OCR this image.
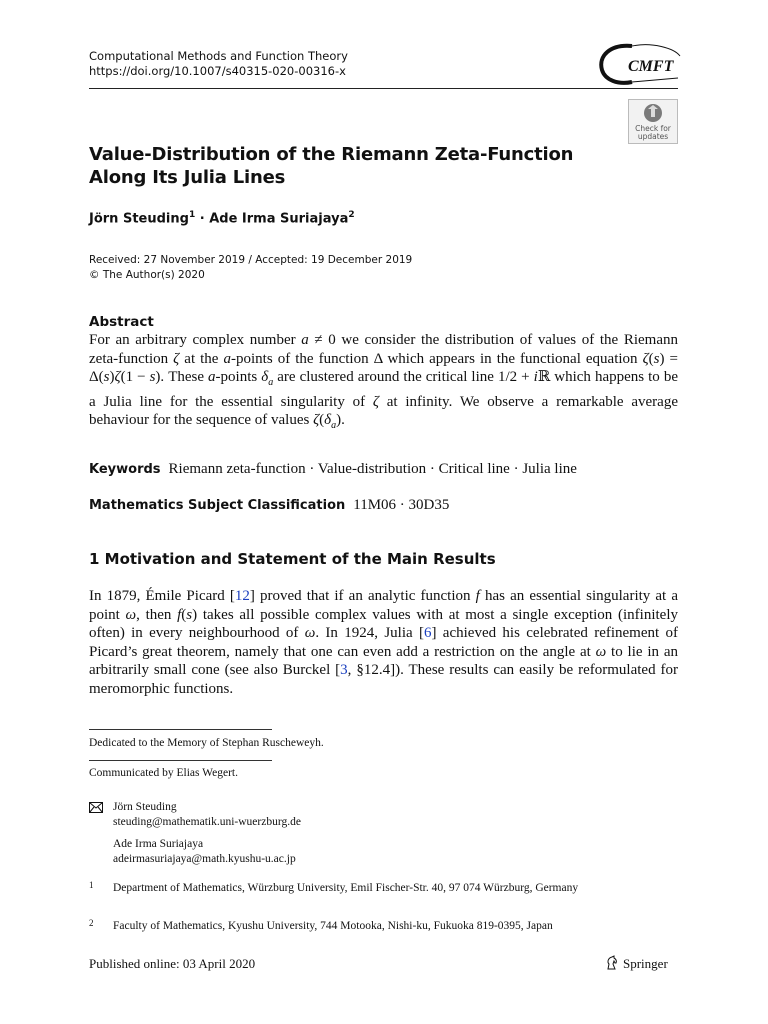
Computational Methods and Function Theory
https://doi.org/10.1007/s40315-020-00316-x	CMFT
Check for
updates
Value-Distribution of the Riemann Zeta-Function Along Its Julia Lines
Jörn Steuding$^1$ · Ade Irma Suriajaya$^2$
Received: 27 November 2019 / Accepted: 19 December 2019
© The Author(s) 2020
Abstract
For an arbitrary complex number a ≠ 0 we consider the distribution of values of the Riemann zeta-function ζ at the a-points of the function Δ which appears in the functional equation ζ(s) = Δ(s)ζ(1 − s). These a-points $\delta_a$ are clustered around the critical line 1/2 + iℝ which happens to be a Julia line for the essential singularity of ζ at infinity. We observe a remarkable average behaviour for the sequence of values $\zeta(\delta_a)$.
Keywords Riemann zeta-function · Value-distribution · Critical line · Julia line
Mathematics Subject Classification 11M06 · 30D35
1 Motivation and Statement of the Main Results
In 1879, Émile Picard [12] proved that if an analytic function f has an essential singularity at a point ω, then f(s) takes all possible complex values with at most a single exception (infinitely often) in every neighbourhood of ω. In 1924, Julia [6] achieved his celebrated refinement of Picard’s great theorem, namely that one can even add a restriction on the angle at ω to lie in an arbitrarily small cone (see also Burckel [3, §12.4]). These results can easily be reformulated for meromorphic functions.
Dedicated to the Memory of Stephan Ruscheweyh.
Communicated by Elias Wegert.
Jörn Steuding
steuding@mathematik.uni-wuerzburg.de
Ade Irma Suriajaya
adeirmasuriajaya@math.kyushu-u.ac.jp
1 Department of Mathematics, Würzburg University, Emil Fischer-Str. 40, 97 074 Würzburg, Germany
2 Faculty of Mathematics, Kyushu University, 744 Motooka, Nishi-ku, Fukuoka 819-0395, Japan
Published online: 03 April 2020	Springer
